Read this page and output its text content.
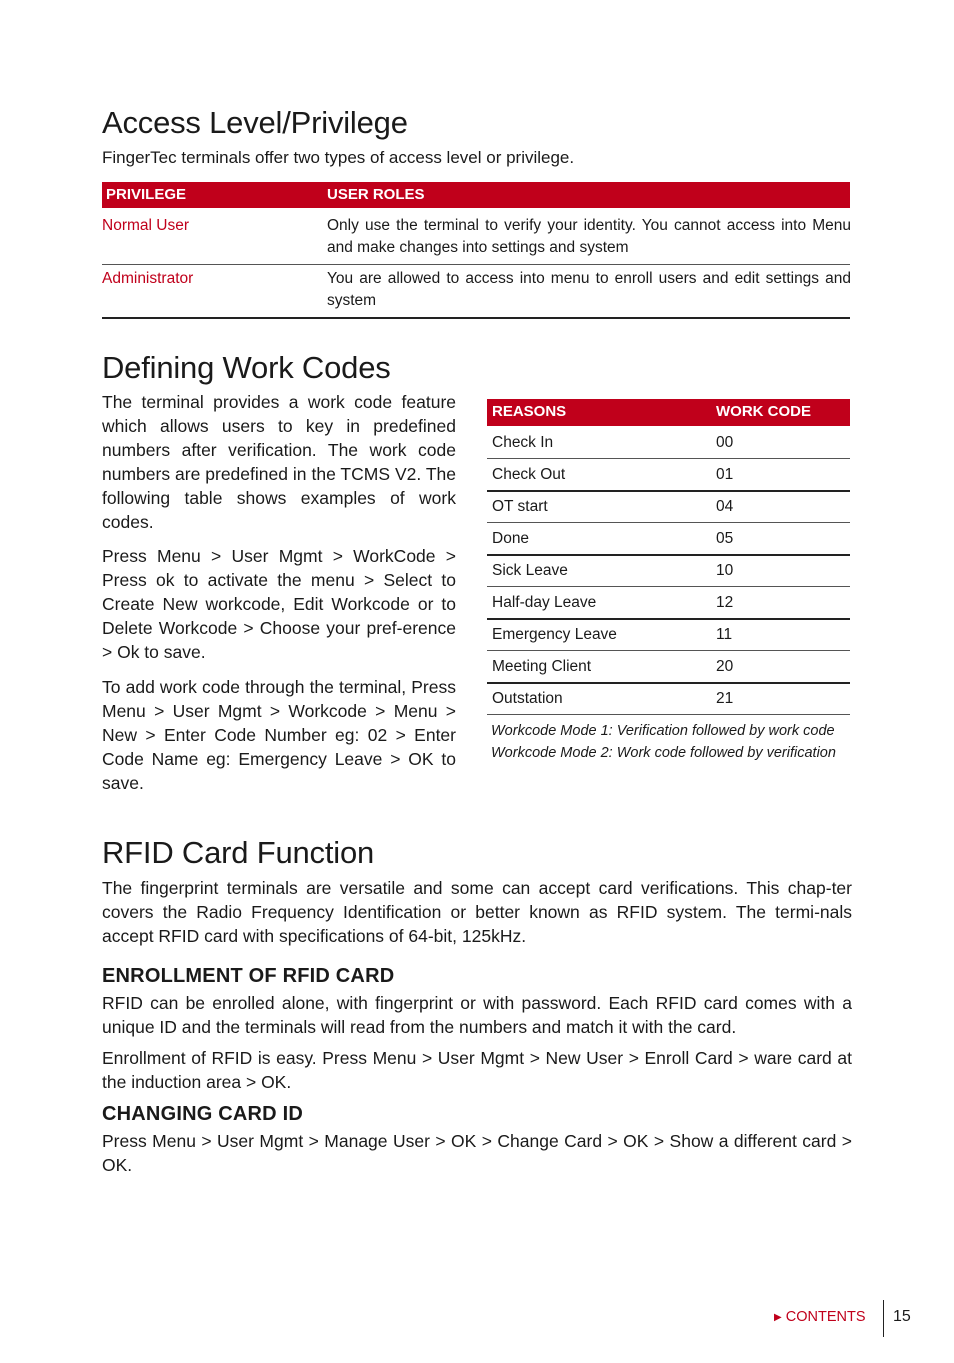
Access Level/Privilege
FingerTec terminals offer two types of access level or privilege.
PRIVILEGE	USER ROLES
Normal User	Only use the terminal to verify your identity. You cannot access into Menu and make changes into settings and system
Administrator	You are allowed to access into menu to enroll users and edit settings and system
Defining Work Codes
The terminal provides a work code feature which allows users to key in predefined numbers after verification. The work code numbers are predefined in the TCMS V2. The following table shows examples of work codes.
Press Menu > User Mgmt > WorkCode > Press ok to activate the menu > Select to Create New workcode, Edit Workcode or to Delete Workcode > Choose your pref-erence > Ok to save.
To add work code through the terminal, Press Menu > User Mgmt > Workcode > Menu > New > Enter Code Number eg: 02 > Enter Code Name eg: Emergency Leave > OK to save.
REASONS	WORK CODE
Check In	00
Check Out	01
OT start	04
Done	05
Sick Leave	10
Half-day Leave	12
Emergency Leave	11
Meeting Client	20
Outstation	21
Workcode Mode 1: Verification followed by work code
Workcode Mode 2: Work code followed by verification
RFID Card Function
The fingerprint terminals are versatile and some can accept card verifications. This chap-ter covers the Radio Frequency Identification or better known as RFID system. The termi-nals accept RFID card with specifications of 64-bit, 125kHz.
ENROLLMENT OF RFID CARD
RFID can be enrolled alone, with fingerprint or with password. Each RFID card comes with a unique ID and the terminals will read from the numbers and match it with the card.
Enrollment of RFID is easy. Press Menu > User Mgmt > New User > Enroll Card > ware card at the induction area > OK.
CHANGING CARD ID
Press Menu > User Mgmt > Manage User > OK > Change Card > OK > Show a different card > OK.
▶ CONTENTS 15
